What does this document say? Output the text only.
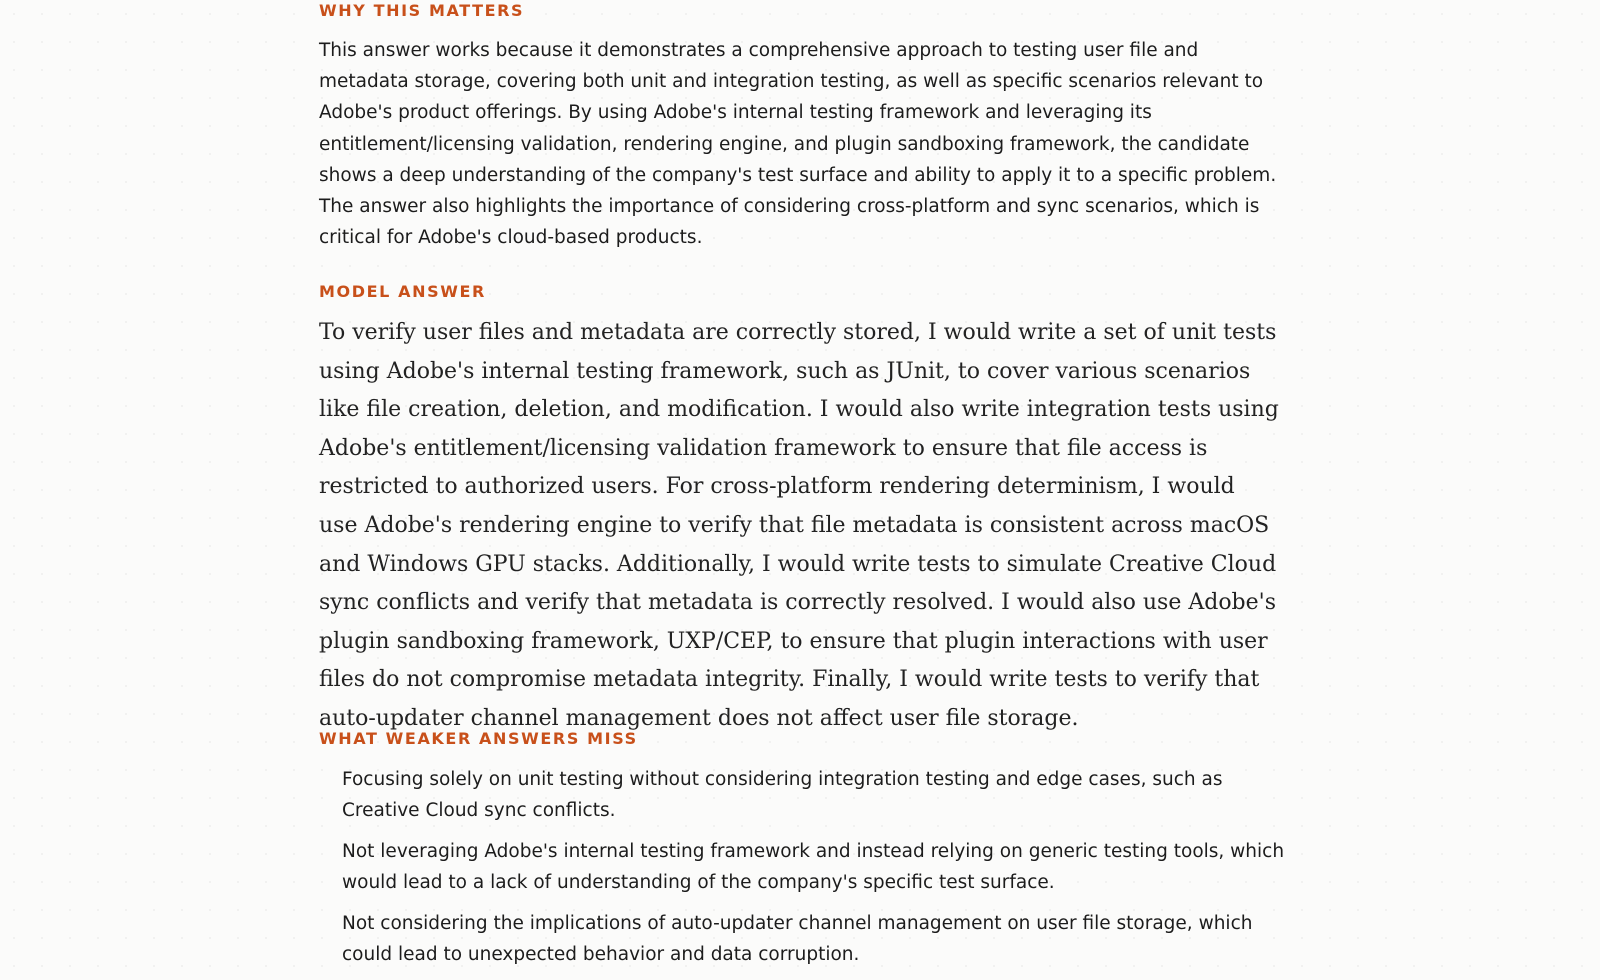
WHY THIS MATTERS

This answer works because it demonstrates a comprehensive approach to testing user file and metadata storage, covering both unit and integration testing, as well as specific scenarios relevant to Adobe's product offerings. By using Adobe's internal testing framework and leveraging its entitlement/licensing validation, rendering engine, and plugin sandboxing framework, the candidate shows a deep understanding of the company's test surface and ability to apply it to a specific problem. The answer also highlights the importance of considering cross-platform and sync scenarios, which is critical for Adobe's cloud-based products.

MODEL ANSWER

To verify user files and metadata are correctly stored, I would write a set of unit tests using Adobe's internal testing framework, such as JUnit, to cover various scenarios like file creation, deletion, and modification. I would also write integration tests using Adobe's entitlement/licensing validation framework to ensure that file access is restricted to authorized users. For cross-platform rendering determinism, I would use Adobe's rendering engine to verify that file metadata is consistent across macOS and Windows GPU stacks. Additionally, I would write tests to simulate Creative Cloud sync conflicts and verify that metadata is correctly resolved. I would also use Adobe's plugin sandboxing framework, UXP/CEP, to ensure that plugin interactions with user files do not compromise metadata integrity. Finally, I would write tests to verify that auto-updater channel management does not affect user file storage.

WHAT WEAKER ANSWERS MISS
Focusing solely on unit testing without considering integration testing and edge cases, such as Creative Cloud sync conflicts.
Not leveraging Adobe's internal testing framework and instead relying on generic testing tools, which would lead to a lack of understanding of the company's specific test surface.
Not considering the implications of auto-updater channel management on user file storage, which could lead to unexpected behavior and data corruption.
